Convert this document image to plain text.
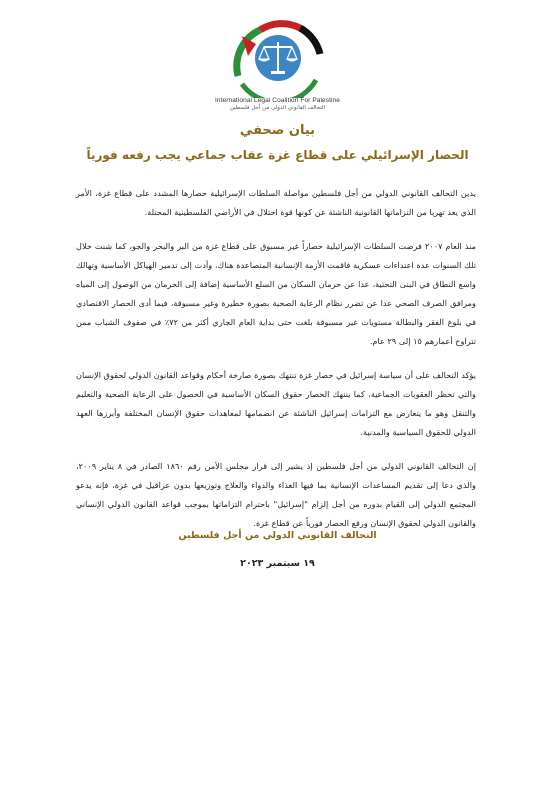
International Legal Coalition For Palestine
التحالف القانوني الدولي من أجل فلسطين
بيان صحفي
الحصار الإسرائيلي على قطاع غزة عقاب جماعي يجب رفعه فورياً

يدين التحالف القانوني الدولي من أجل فلسطين مواصلة السلطات الإسرائيلية حصارها المشدد على قطاع غزة، الأمر الذي يعد تهربا من التزاماتها القانونية الناشئة عن كونها قوة احتلال في الأراضي الفلسطينية المحتلة.

منذ العام ٢٠٠٧ فرضت السلطات الإسرائيلية حصاراً غير مسبوق على قطاع غزة من البر والبحر والجو، كما شنت خلال تلك السنوات عدة اعتداءات عسكرية فاقمت الأزمة الإنسانية المتصاعدة هناك، وأدت إلى تدمير الهياكل الأساسية وتهالك واسع النطاق في البنى التحتية، عدا عن حرمان السكان من السلع الأساسية إضافة إلى الحرمان من الوصول إلى المياه ومرافق الصرف الصحي عدا عن تضرر نظام الرعاية الصحية بصورة خطيرة وغير مسبوقة، فيما أدى الحصار الاقتصادي في بلوغ الفقر والبطالة مستويات غير مسبوقة بلغت حتى بداية العام الجاري أكثر من ٧٢٪ في صفوف الشباب ممن تتراوح أعمارهم ١٥ إلى ٢٩ عام.

يؤكد التحالف على أن سياسة إسرائيل في حصار غزة تنتهك بصورة صارخة أحكام وقواعد القانون الدولي لحقوق الإنسان والتي تحظر العقوبات الجماعية، كما ينتهك الحصار حقوق السكان الأساسية في الحصول على الرعاية الصحية والتعليم والتنقل وهو ما يتعارض مع التزامات إسرائيل الناشئة عن انضمامها لمعاهدات حقوق الإنسان المختلفة وأبرزها العهد الدولي للحقوق السياسية والمدنية.

إن التحالف القانوني الدولي من أجل فلسطين إذ يشير إلى قرار مجلس الأمن رقم ١٨٦٠ الصادر في ٨ يناير ٢٠٠٩، والذي دعا إلى تقديم المساعدات الإنسانية بما فيها الغذاء والدواء والعلاج وتوزيعها بدون عراقيل في غزة، فإنه يدعو المجتمع الدولي إلى القيام بدوره من أجل إلزام "إسرائيل" باحترام التزاماتها بموجب قواعد القانون الدولي الإنساني والقانون الدولي لحقوق الإنسان ورفع الحصار فورياً عن قطاع غزة.

التحالف القانوني الدولي من أجل فلسطين
١٩ سبتمبر ٢٠٢٣
